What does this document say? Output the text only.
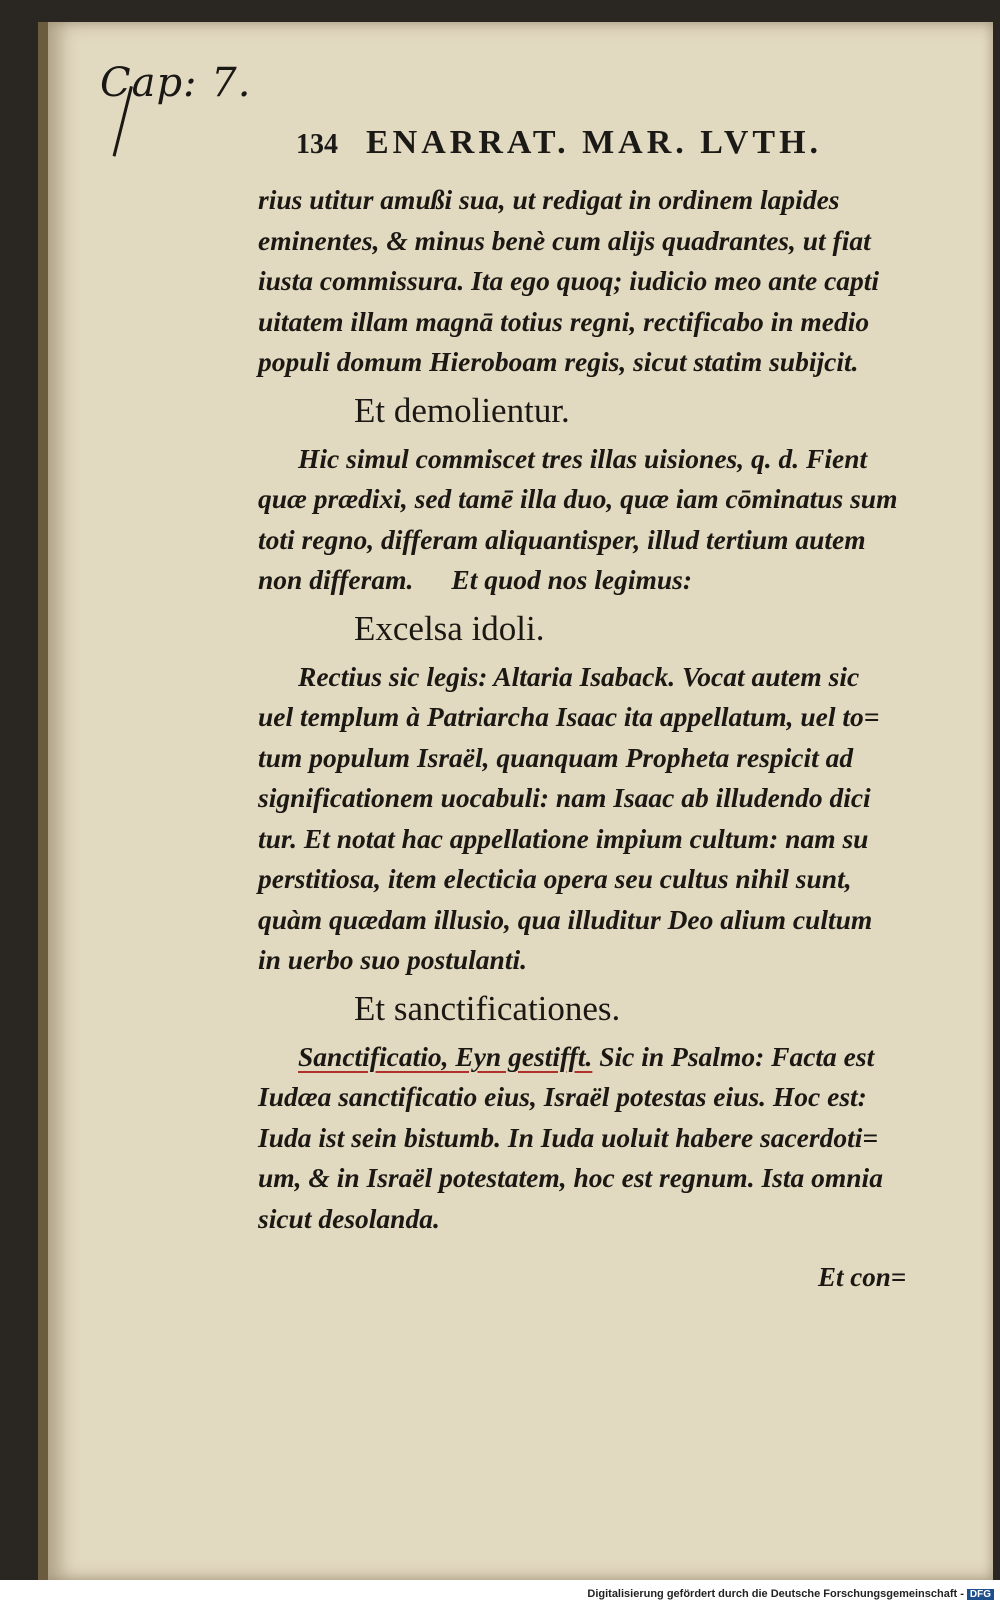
Cap: 7.
134 ENARRAT. MAR. LVTH.
rius utitur amußi sua, ut redigat in ordinem lapides
eminentes, & minus benè cum alijs quadrantes, ut fiat
iusta commissura. Ita ego quoq; iudicio meo ante capti
uitatem illam magnā totius regni, rectificabo in medio
populi domum Hieroboam regis, sicut statim subijcit.
Et demolientur.
Hic simul commiscet tres illas uisiones, q. d. Fient
quæ prædixi, sed tamē illa duo, quæ iam cōminatus sum
toti regno, differam aliquantisper, illud tertium autem
non differam. Et quod nos legimus:
Excelsa idoli.
Rectius sic legis: Altaria Isaback. Vocat autem sic
uel templum à Patriarcha Isaac ita appellatum, uel to=
tum populum Israël, quanquam Propheta respicit ad
significationem uocabuli: nam Isaac ab illudendo dici
tur. Et notat hac appellatione impium cultum: nam su
perstitiosa, item electicia opera seu cultus nihil sunt,
quàm quædam illusio, qua illuditur Deo alium cultum
in uerbo suo postulanti.
Et sanctificationes.
Sanctificatio, Eyn gestifft. Sic in Psalmo: Facta est
Iudæa sanctificatio eius, Israël potestas eius. Hoc est:
Iuda ist sein bistumb. In Iuda uoluit habere sacerdoti=
um, & in Israël potestatem, hoc est regnum. Ista omnia
sicut desolanda.
Et con=
Digitalisierung gefördert durch die Deutsche Forschungsgemeinschaft - DFG
